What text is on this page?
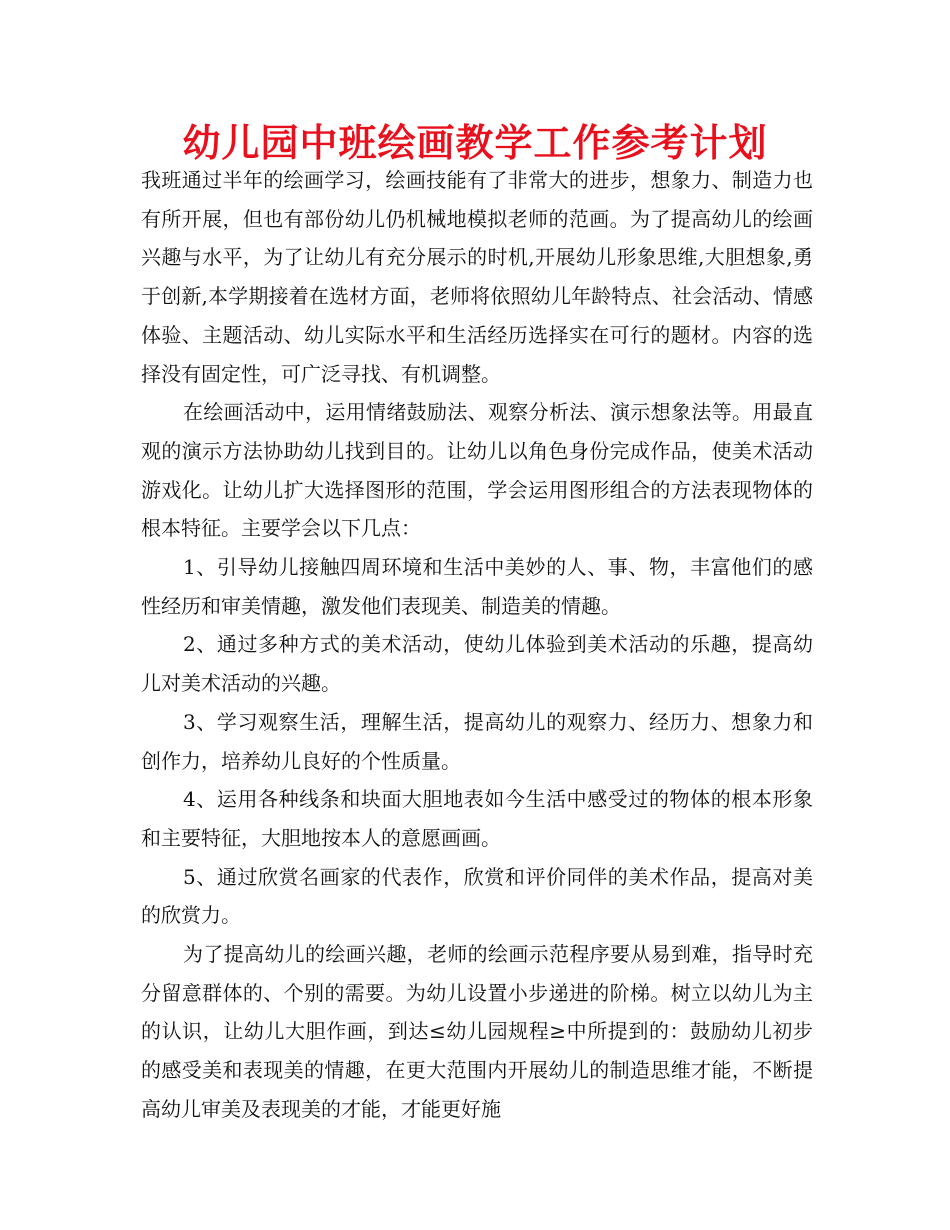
幼儿园中班绘画教学工作参考计划

我班通过半年的绘画学习，绘画技能有了非常大的进步，想象力、制造力也有所开展，但也有部份幼儿仍机械地模拟老师的范画。为了提高幼儿的绘画兴趣与水平，为了让幼儿有充分展示的时机,开展幼儿形象思维,大胆想象,勇于创新,本学期接着在选材方面，老师将依照幼儿年龄特点、社会活动、情感体验、主题活动、幼儿实际水平和生活经历选择实在可行的题材。内容的选择没有固定性，可广泛寻找、有机调整。

在绘画活动中，运用情绪鼓励法、观察分析法、演示想象法等。用最直观的演示方法协助幼儿找到目的。让幼儿以角色身份完成作品，使美术活动游戏化。让幼儿扩大选择图形的范围，学会运用图形组合的方法表现物体的根本特征。主要学会以下几点：

1、引导幼儿接触四周环境和生活中美妙的人、事、物，丰富他们的感性经历和审美情趣，激发他们表现美、制造美的情趣。

2、通过多种方式的美术活动，使幼儿体验到美术活动的乐趣，提高幼儿对美术活动的兴趣。

3、学习观察生活，理解生活，提高幼儿的观察力、经历力、想象力和创作力，培养幼儿良好的个性质量。

4、运用各种线条和块面大胆地表如今生活中感受过的物体的根本形象和主要特征，大胆地按本人的意愿画画。

5、通过欣赏名画家的代表作，欣赏和评价同伴的美术作品，提高对美的欣赏力。

为了提高幼儿的绘画兴趣，老师的绘画示范程序要从易到难，指导时充分留意群体的、个别的需要。为幼儿设置小步递进的阶梯。树立以幼儿为主的认识，让幼儿大胆作画，到达≤幼儿园规程≥中所提到的：鼓励幼儿初步的感受美和表现美的情趣，在更大范围内开展幼儿的制造思维才能，不断提高幼儿审美及表现美的才能，才能更好施
